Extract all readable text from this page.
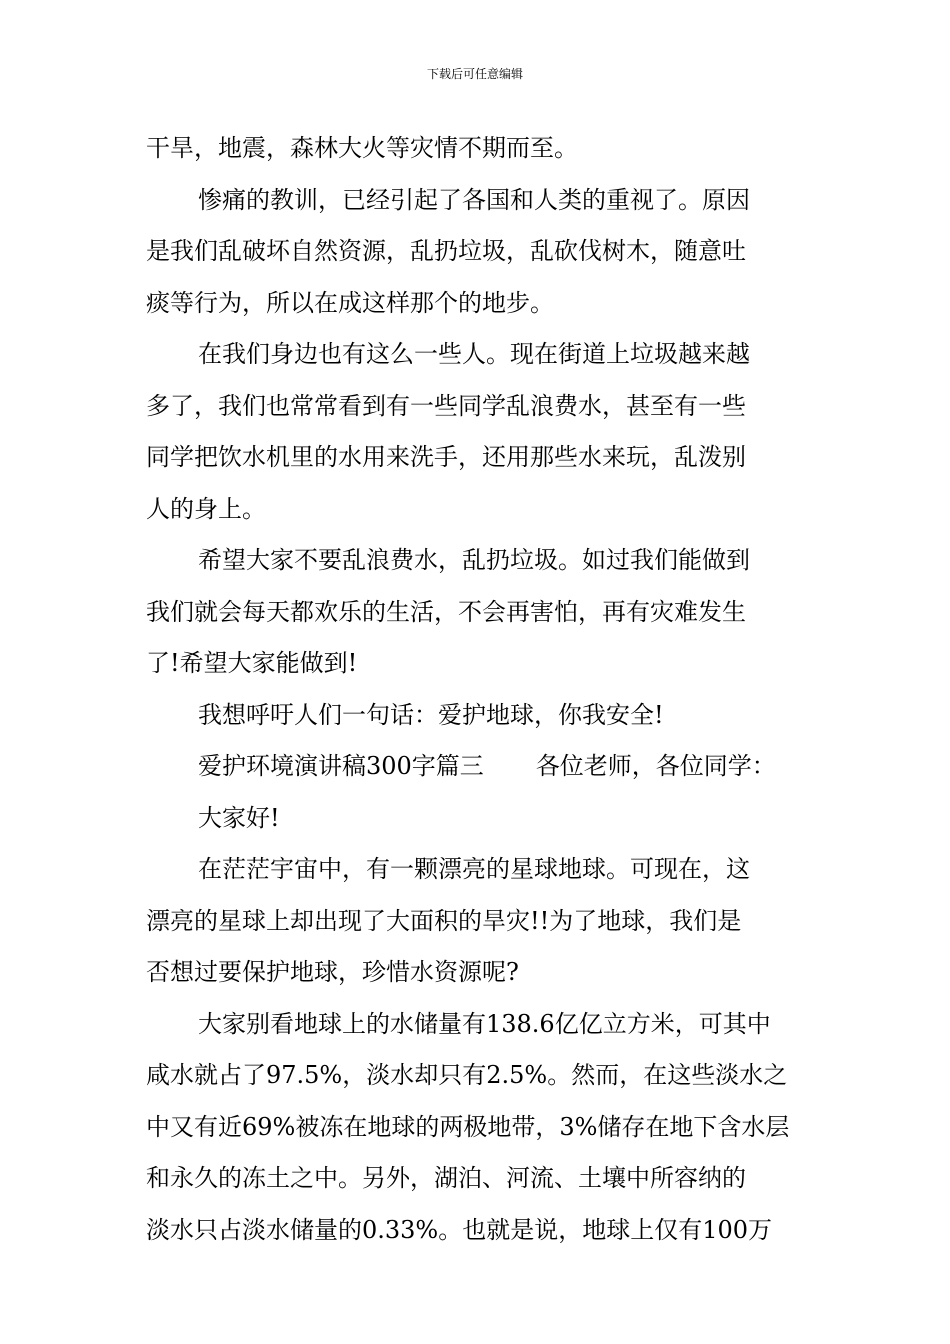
下载后可任意编辑
干旱，地震，森林大火等灾情不期而至。
惨痛的教训，已经引起了各国和人类的重视了。原因
是我们乱破坏自然资源，乱扔垃圾，乱砍伐树木，随意吐
痰等行为，所以在成这样那个的地步。
在我们身边也有这么一些人。现在街道上垃圾越来越
多了，我们也常常看到有一些同学乱浪费水，甚至有一些
同学把饮水机里的水用来洗手，还用那些水来玩，乱泼别
人的身上。
希望大家不要乱浪费水，乱扔垃圾。如过我们能做到
我们就会每天都欢乐的生活，不会再害怕，再有灾难发生
了!希望大家能做到!
我想呼吁人们一句话：爱护地球，你我安全!
爱护环境演讲稿300字篇三 各位老师，各位同学：
大家好!
在茫茫宇宙中，有一颗漂亮的星球地球。可现在，这
漂亮的星球上却出现了大面积的旱灾!!为了地球，我们是
否想过要保护地球，珍惜水资源呢?
大家别看地球上的水储量有138.6亿亿立方米，可其中
咸水就占了97.5%，淡水却只有2.5%。然而，在这些淡水之
中又有近69%被冻在地球的两极地带，3%储存在地下含水层
和永久的冻土之中。另外，湖泊、河流、土壤中所容纳的
淡水只占淡水储量的0.33%。也就是说，地球上仅有100万
